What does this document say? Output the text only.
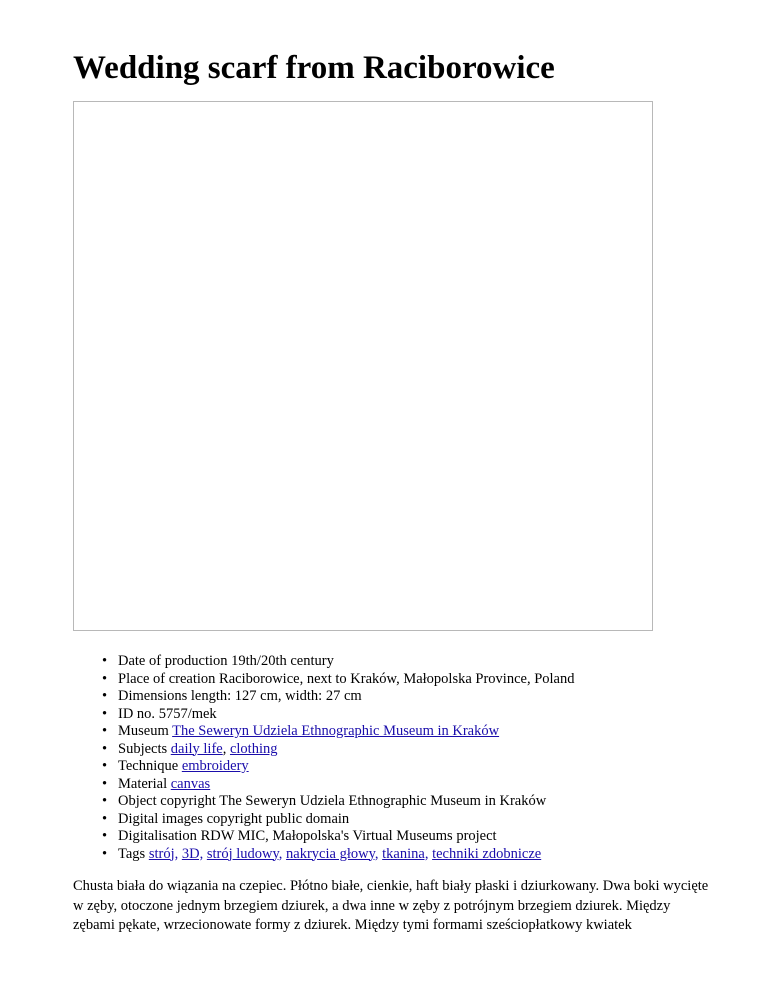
Wedding scarf from Raciborowice
• Date of production 19th/20th century
• Place of creation Raciborowice, next to Kraków, Małopolska Province, Poland
• Dimensions length: 127 cm, width: 27 cm
• ID no. 5757/mek
• Museum The Seweryn Udziela Ethnographic Museum in Kraków
• Subjects daily life, clothing
• Technique embroidery
• Material canvas
• Object copyright The Seweryn Udziela Ethnographic Museum in Kraków
• Digital images copyright public domain
• Digitalisation RDW MIC, Małopolska's Virtual Museums project
• Tags strój, 3D, strój ludowy, nakrycia głowy, tkanina, techniki zdobnicze

Chusta biała do wiązania na czepiec. Płótno białe, cienkie, haft biały płaski i dziurkowany. Dwa boki wycięte w zęby, otoczone jednym brzegiem dziurek, a dwa inne w zęby z potrójnym brzegiem dziurek. Między zębami pękate, wrzecionowate formy z dziurek. Między tymi formami sześciopłatkowy kwiatek
